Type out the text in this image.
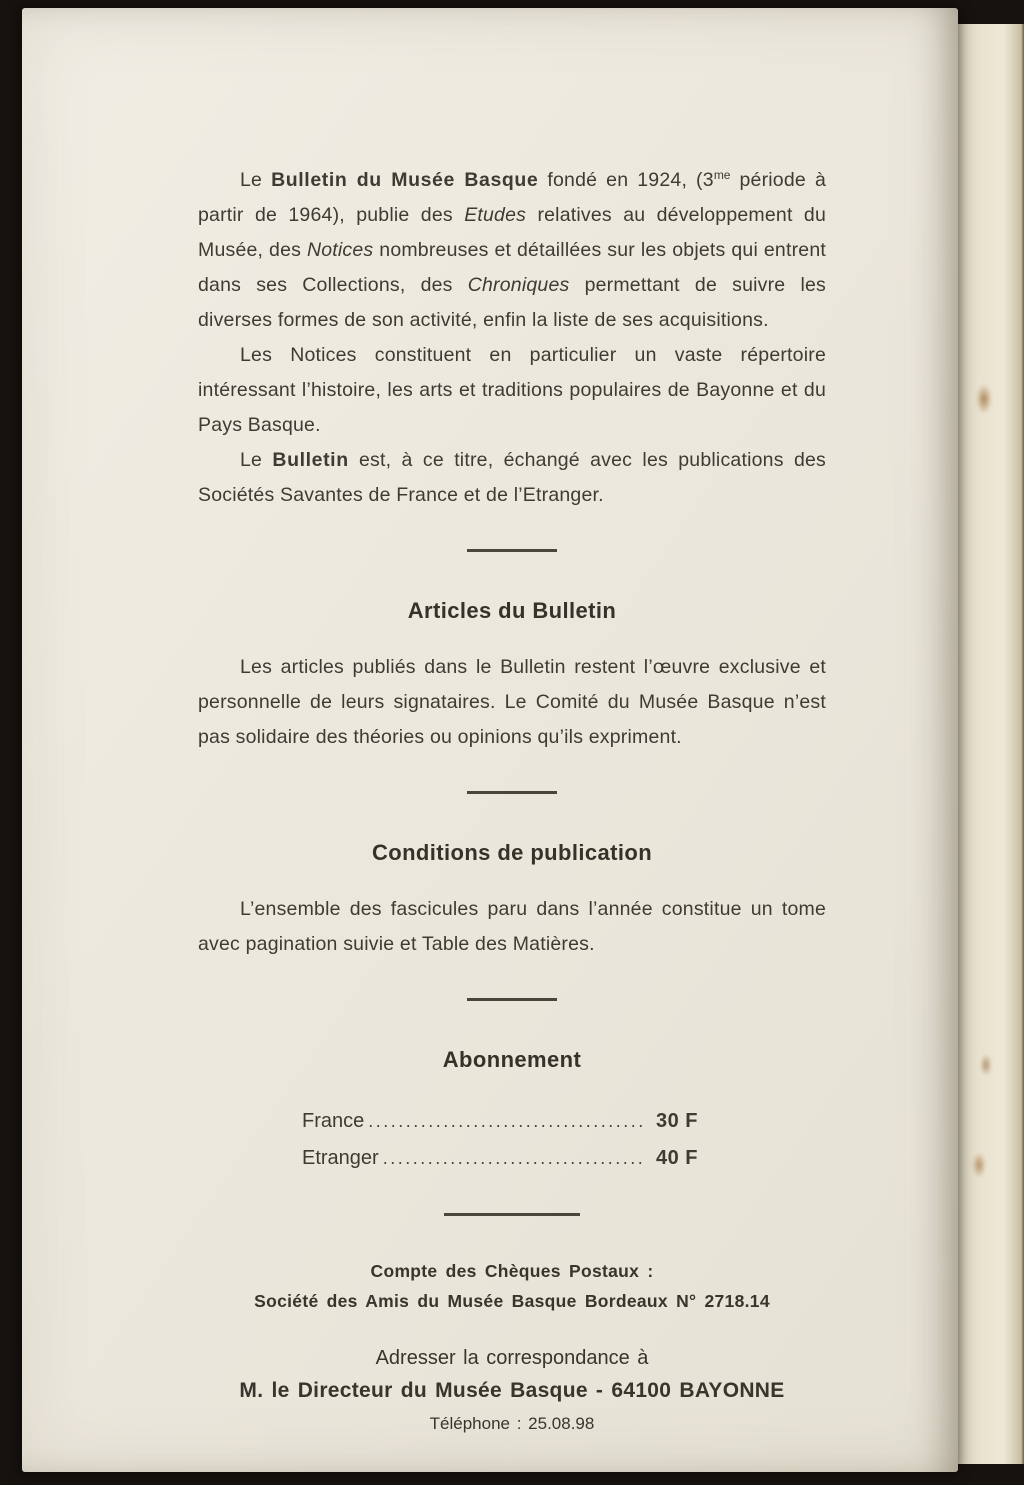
Le Bulletin du Musée Basque fondé en 1924, ($3^{me}$ période à partir de 1964), publie des Etudes relatives au développement du Musée, des Notices nombreuses et détaillées sur les objets qui entrent dans ses Collections, des Chroniques permettant de suivre les diverses formes de son activité, enfin la liste de ses acquisitions.

Les Notices constituent en particulier un vaste répertoire intéressant l’histoire, les arts et traditions populaires de Bayonne et du Pays Basque.

Le Bulletin est, à ce titre, échangé avec les publications des Sociétés Savantes de France et de l’Etranger.

Articles du Bulletin

Les articles publiés dans le Bulletin restent l’œuvre exclusive et personnelle de leurs signataires. Le Comité du Musée Basque n’est pas solidaire des théories ou opinions qu’ils expriment.

Conditions de publication

L’ensemble des fascicules paru dans l’année constitue un tome avec pagination suivie et Table des Matières.

Abonnement
France .....	30 F
Etranger .....	40 F
Compte des Chèques Postaux :
Société des Amis du Musée Basque Bordeaux N° 2718.14
Adresser la correspondance à
M. le Directeur du Musée Basque - 64100 BAYONNE
Téléphone : 25.08.98
